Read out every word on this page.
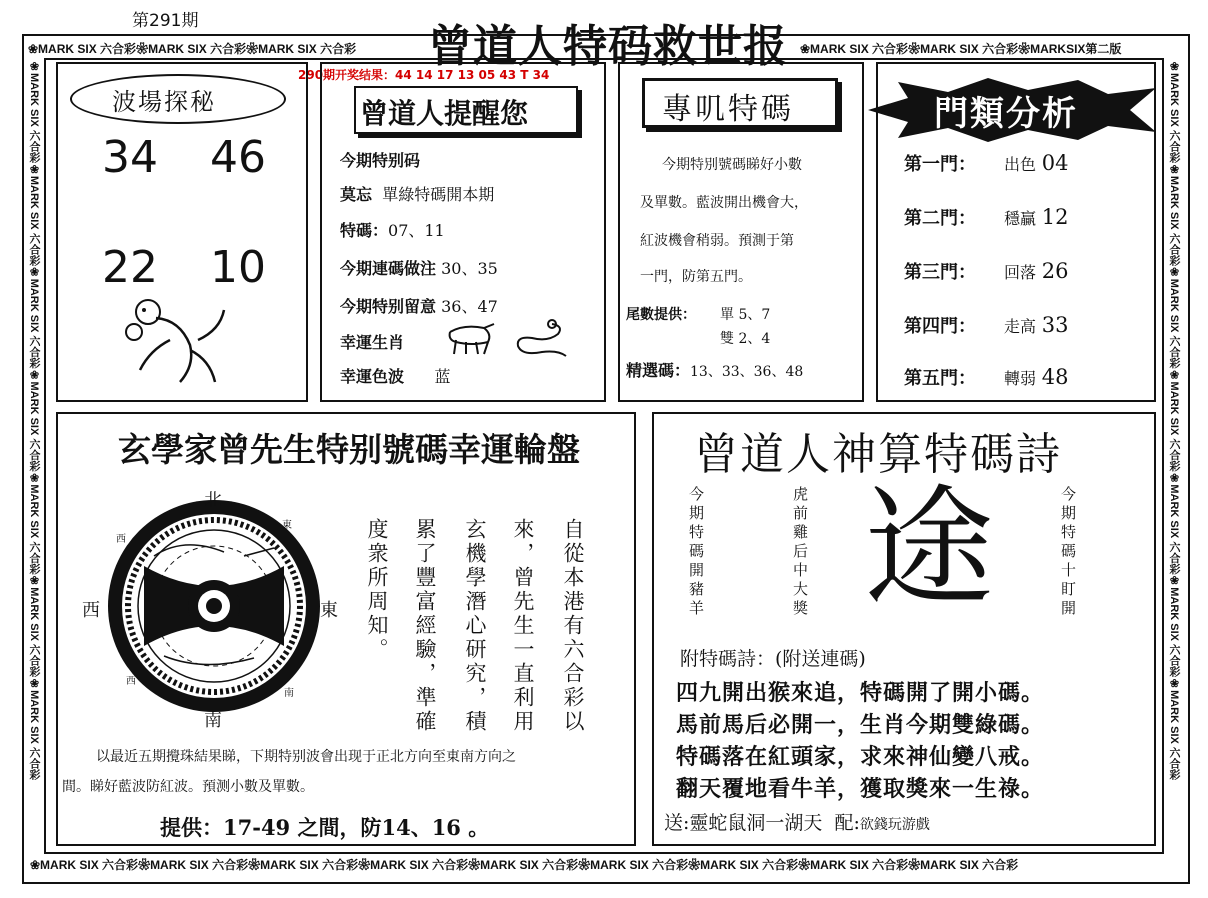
第291期	曾道人特码救世报
❀MARK SIX 六合彩❀MARK SIX 六合彩❀MARK SIX 六合彩	❀MARK SIX 六合彩❀MARK SIX 六合彩❀MARKSIX第二版
❀MARK SIX 六合彩❀MARK SIX 六合彩❀MARK SIX 六合彩❀MARK SIX 六合彩❀MARK SIX 六合彩❀MARK SIX 六合彩❀MARK SIX 六合彩❀MARK SIX 六合彩❀MARK SIX 六合彩
❀MARK SIX 六合彩❀MARK SIX 六合彩❀MARK SIX 六合彩❀MARK SIX 六合彩❀MARK SIX 六合彩❀MARK SIX 六合彩❀MARK SIX 六合彩
❀MARK SIX 六合彩❀MARK SIX 六合彩❀MARK SIX 六合彩❀MARK SIX 六合彩❀MARK SIX 六合彩❀MARK SIX 六合彩❀MARK SIX 六合彩
290期开奖结果：44 14 17 13 05 43 T 34
波場探秘
34 46
22 10
曾道人提醒您
今期特别码
莫忘 單綠特碼開本期
特碼：07、11
今期連碼做注 30、35
今期特别留意 36、47
幸運生肖
幸運色波 蓝
專叽特碼
今期特別號碼睇好小數
及單數。藍波開出機會大，
紅波機會稍弱。預測于第
一門，防第五門。
尾數提供： 單 5、7
雙 2、4
精選碼：13、33、36、48
門類分析
第一門： 出色 04
第二門： 穩贏 12
第三門： 回落 26
第四門： 走高 33
第五門： 轉弱 48
玄學家曾先生特别號碼幸運輪盤
北
南
西	東
東
西
南
西	自從本港有六合彩以
來，曾先生一直利用
玄機學潛心研究，積
累了豐富經驗，準確
度衆所周知。
以最近五期攪珠結果睇，下期特别波會出现于正北方向至東南方向之
間。睇好藍波防紅波。預测小數及單數。
提供：17-49 之間，防14、16 。
曾道人神算特碼詩
今期特碼開豬羊	虎前雞后中大獎	今期特碼十盯開
途
附特碼詩：(附送連碼)
四九開出猴來追，特碼開了開小碼。
馬前馬后必開一，生肖今期雙綠碼。
特碼落在紅頭家，求來神仙變八戒。
翻天覆地看牛羊，獲取獎來一生祿。
送:靈蛇鼠洞一湖天 配:欲錢玩游戲
